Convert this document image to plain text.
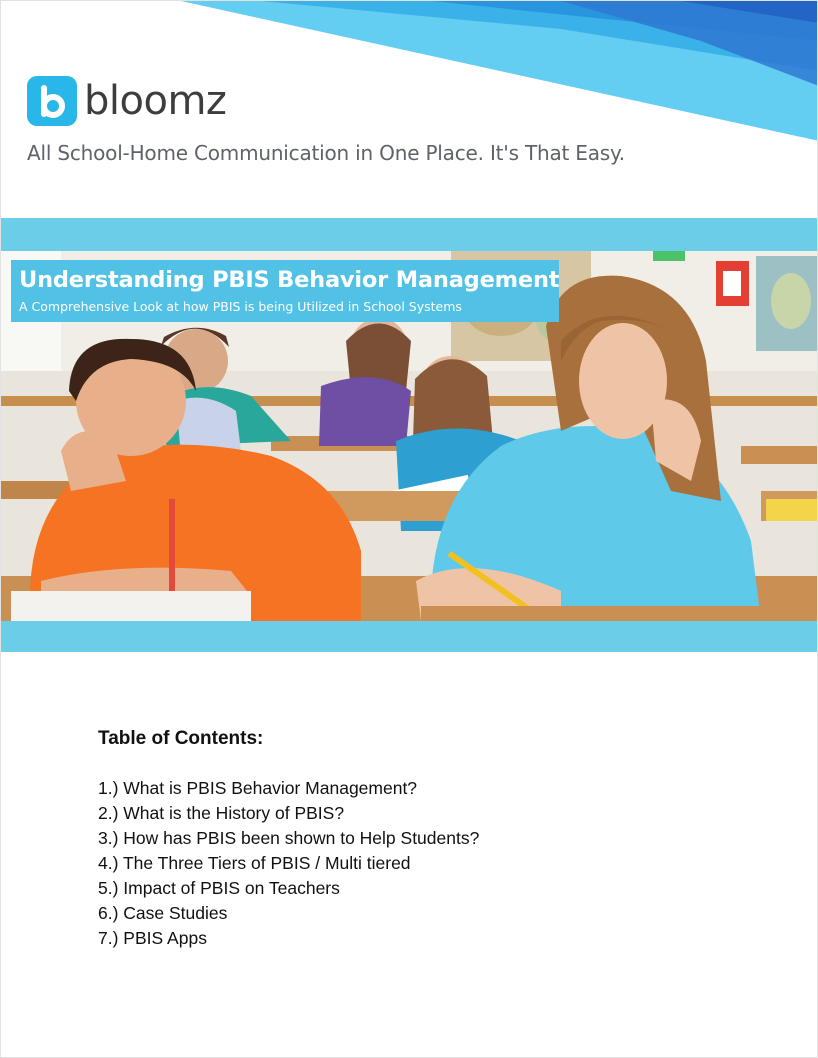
bloomz
All School-Home Communication in One Place. It's That Easy.
Understanding PBIS Behavior Management
A Comprehensive Look at how PBIS is being Utilized in School Systems
Table of Contents:
1.) What is PBIS Behavior Management?
2.) What is the History of PBIS?
3.) How has PBIS been shown to Help Students?
4.) The Three Tiers of PBIS / Multi tiered
5.) Impact of PBIS on Teachers
6.) Case Studies
7.) PBIS Apps
